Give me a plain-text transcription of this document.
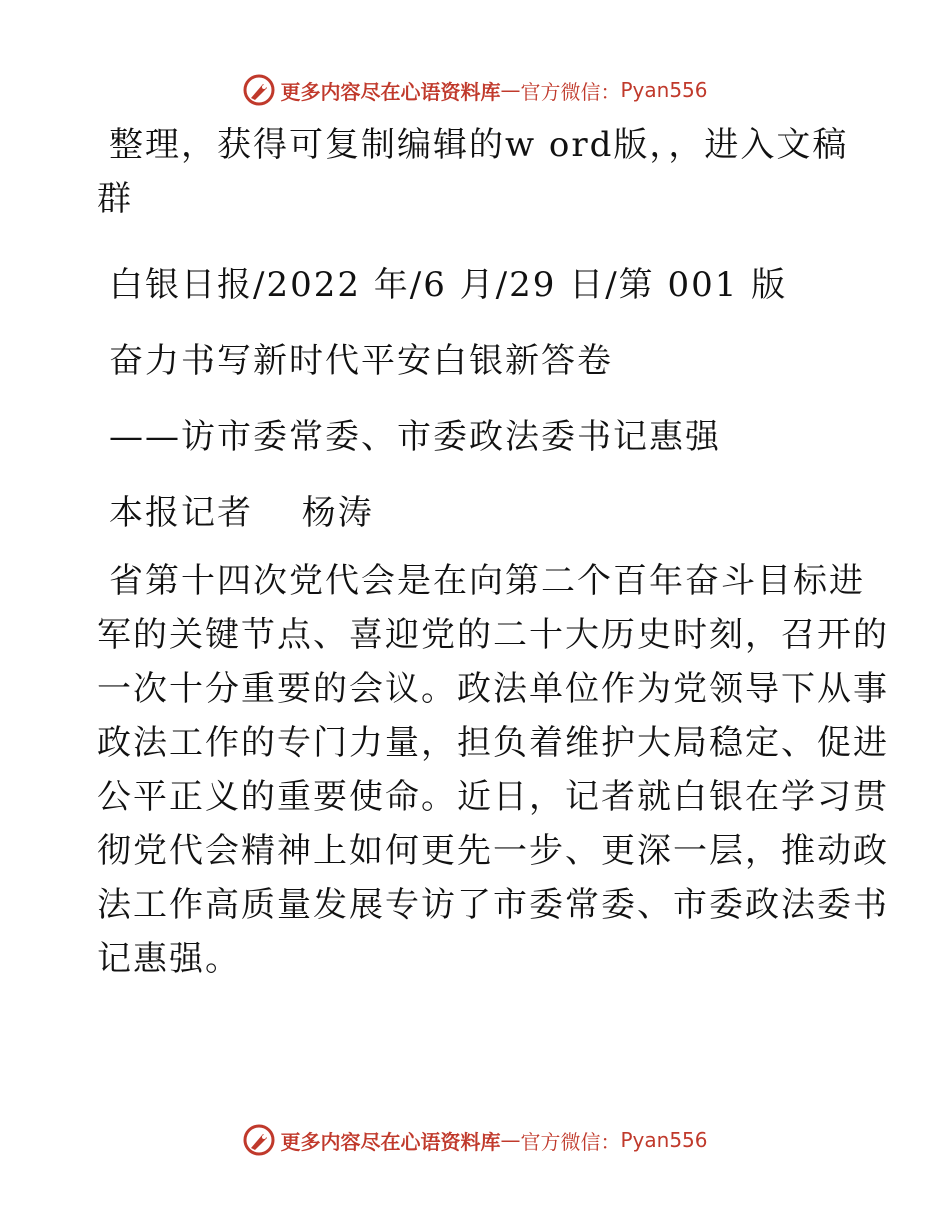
更多内容尽在心语资料库 — 官方微信： Pyan556
整理，获得可复制编辑的w ord版，，进入文稿
群
白银日报/2022 年/6 月/29 日/第 001 版
奋力书写新时代平安白银新答卷
——访市委常委、市委政法委书记惠强
本报记者　 杨涛
省第十四次党代会是在向第二个百年奋斗目标进
军的关键节点、喜迎党的二十大历史时刻，召开的
一次十分重要的会议。政法单位作为党领导下从事
政法工作的专门力量，担负着维护大局稳定、促进
公平正义的重要使命。近日，记者就白银在学习贯
彻党代会精神上如何更先一步、更深一层，推动政
法工作高质量发展专访了市委常委、市委政法委书
记惠强。
更多内容尽在心语资料库 — 官方微信： Pyan556
